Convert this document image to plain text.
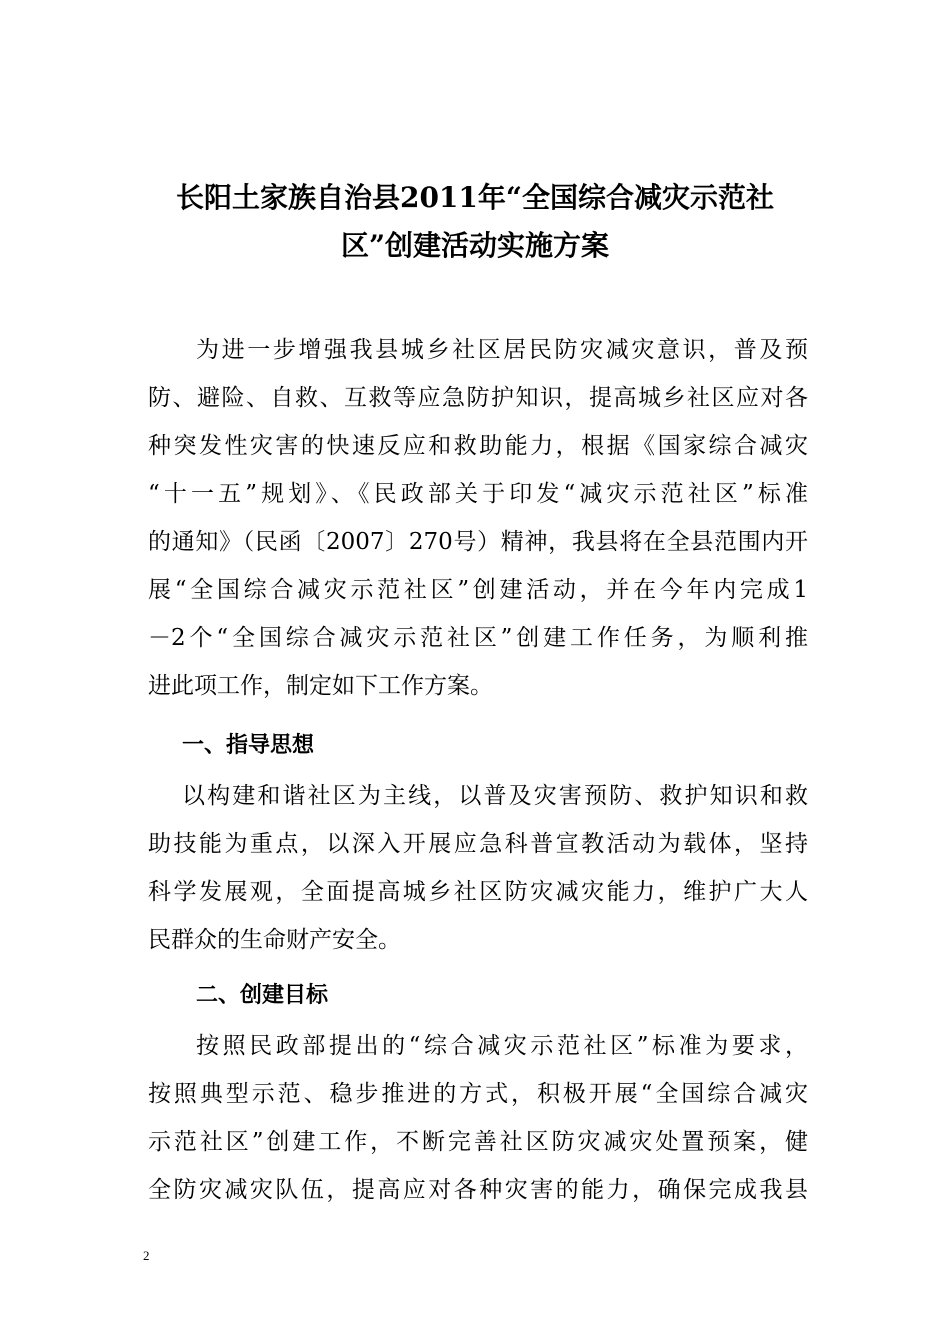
长阳土家族自治县2011年“全国综合减灾示范社
区”创建活动实施方案
为进一步增强我县城乡社区居民防灾减灾意识，普及预
防、避险、自救、互救等应急防护知识，提高城乡社区应对各
种突发性灾害的快速反应和救助能力，根据《国家综合减灾
“十一五”规划》、《民政部关于印发“减灾示范社区”标准
的通知》（民函〔2007〕270号）精神，我县将在全县范围内开
展“全国综合减灾示范社区”创建活动，并在今年内完成1
－2个“全国综合减灾示范社区”创建工作任务，为顺利推
进此项工作，制定如下工作方案。
一、指导思想
以构建和谐社区为主线，以普及灾害预防、救护知识和救
助技能为重点，以深入开展应急科普宣教活动为载体，坚持
科学发展观，全面提高城乡社区防灾减灾能力，维护广大人
民群众的生命财产安全。
二、创建目标
按照民政部提出的“综合减灾示范社区”标准为要求，
按照典型示范、稳步推进的方式，积极开展“全国综合减灾
示范社区”创建工作，不断完善社区防灾减灾处置预案，健
全防灾减灾队伍，提高应对各种灾害的能力，确保完成我县
2
